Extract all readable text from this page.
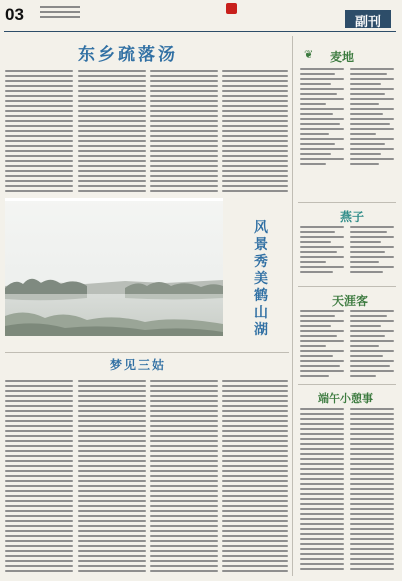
03	副刊
东乡疏落汤
风景秀美鹤山湖
梦见三姑
❦ 麦地
燕子
天涯客
端午小憩事
